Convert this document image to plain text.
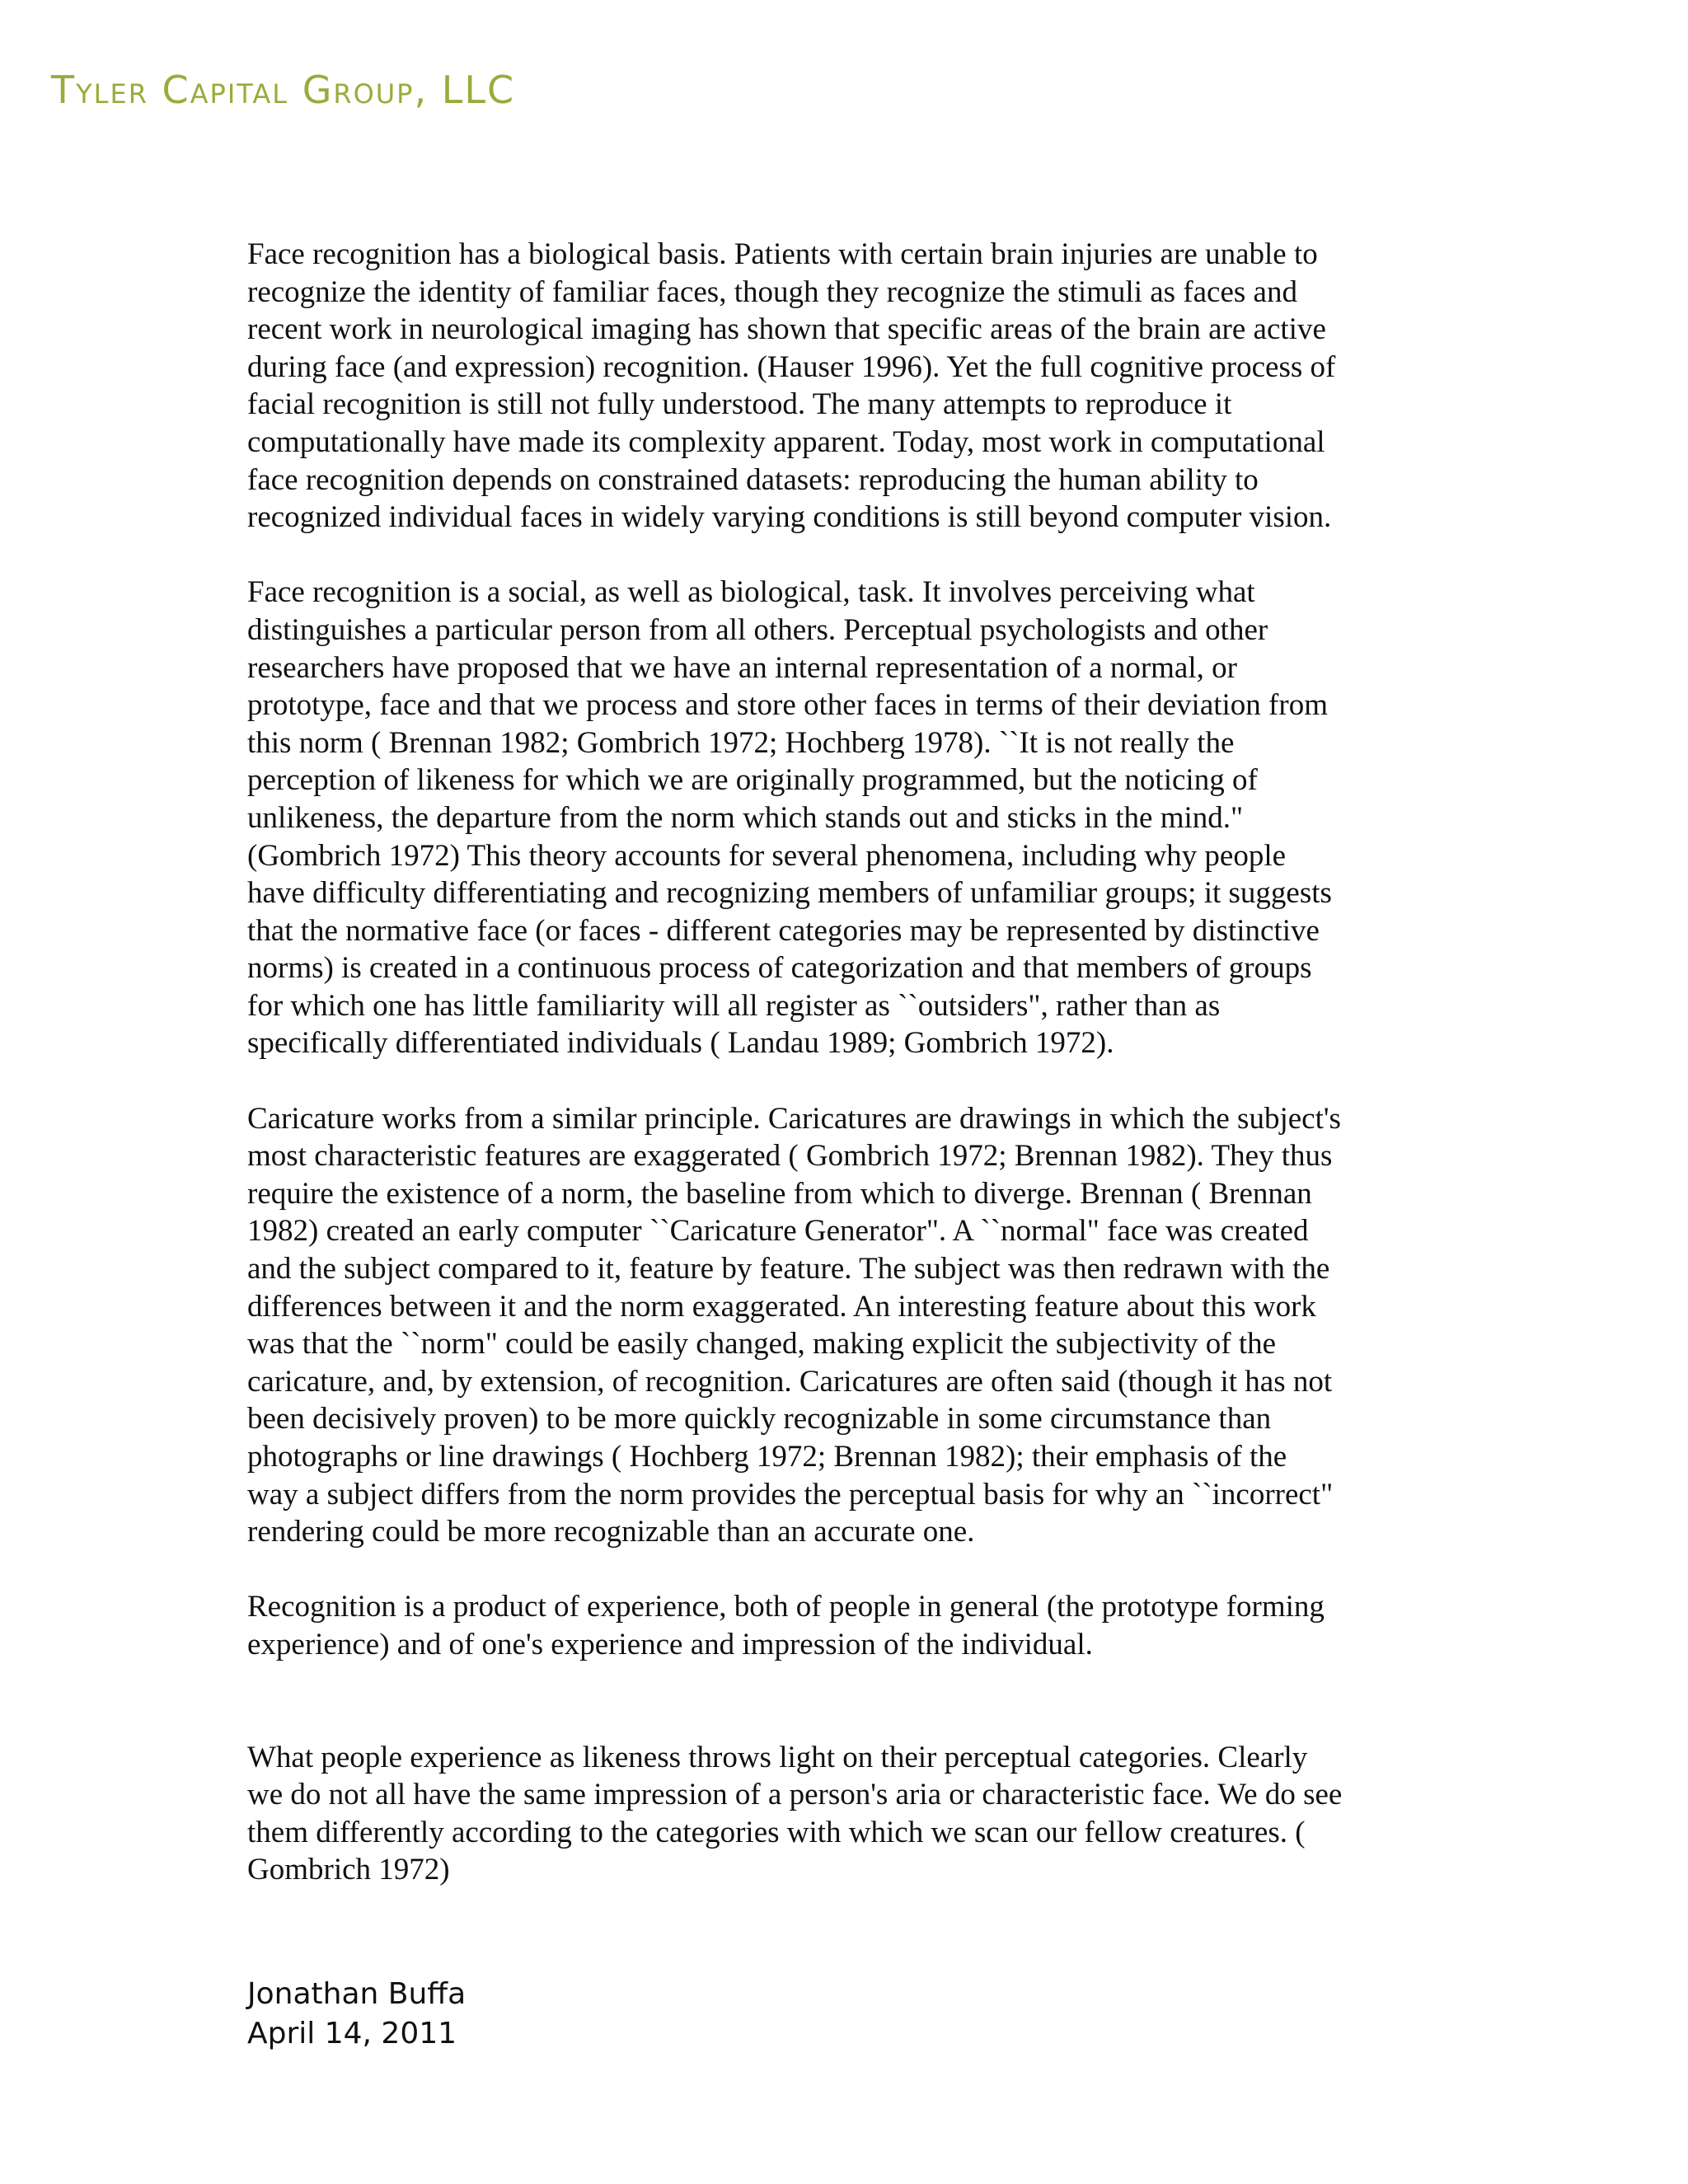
Tyler Capital Group, LLC

Face recognition has a biological basis. Patients with certain brain injuries are unable to
recognize the identity of familiar faces, though they recognize the stimuli as faces and
recent work in neurological imaging has shown that specific areas of the brain are active
during face (and expression) recognition. (Hauser 1996). Yet the full cognitive process of
facial recognition is still not fully understood. The many attempts to reproduce it
computationally have made its complexity apparent. Today, most work in computational
face recognition depends on constrained datasets: reproducing the human ability to
recognized individual faces in widely varying conditions is still beyond computer vision.

Face recognition is a social, as well as biological, task. It involves perceiving what
distinguishes a particular person from all others. Perceptual psychologists and other
researchers have proposed that we have an internal representation of a normal, or
prototype, face and that we process and store other faces in terms of their deviation from
this norm ( Brennan 1982; Gombrich 1972; Hochberg 1978). ``It is not really the
perception of likeness for which we are originally programmed, but the noticing of
unlikeness, the departure from the norm which stands out and sticks in the mind."
(Gombrich 1972) This theory accounts for several phenomena, including why people
have difficulty differentiating and recognizing members of unfamiliar groups; it suggests
that the normative face (or faces - different categories may be represented by distinctive
norms) is created in a continuous process of categorization and that members of groups
for which one has little familiarity will all register as ``outsiders", rather than as
specifically differentiated individuals ( Landau 1989; Gombrich 1972).

Caricature works from a similar principle. Caricatures are drawings in which the subject's
most characteristic features are exaggerated ( Gombrich 1972; Brennan 1982). They thus
require the existence of a norm, the baseline from which to diverge. Brennan ( Brennan
1982) created an early computer ``Caricature Generator". A ``normal" face was created
and the subject compared to it, feature by feature. The subject was then redrawn with the
differences between it and the norm exaggerated. An interesting feature about this work
was that the ``norm" could be easily changed, making explicit the subjectivity of the
caricature, and, by extension, of recognition. Caricatures are often said (though it has not
been decisively proven) to be more quickly recognizable in some circumstance than
photographs or line drawings ( Hochberg 1972; Brennan 1982); their emphasis of the
way a subject differs from the norm provides the perceptual basis for why an ``incorrect"
rendering could be more recognizable than an accurate one.

Recognition is a product of experience, both of people in general (the prototype forming
experience) and of one's experience and impression of the individual.

What people experience as likeness throws light on their perceptual categories. Clearly
we do not all have the same impression of a person's aria or characteristic face. We do see
them differently according to the categories with which we scan our fellow creatures. (
Gombrich 1972)

Jonathan Buffa
April 14, 2011
